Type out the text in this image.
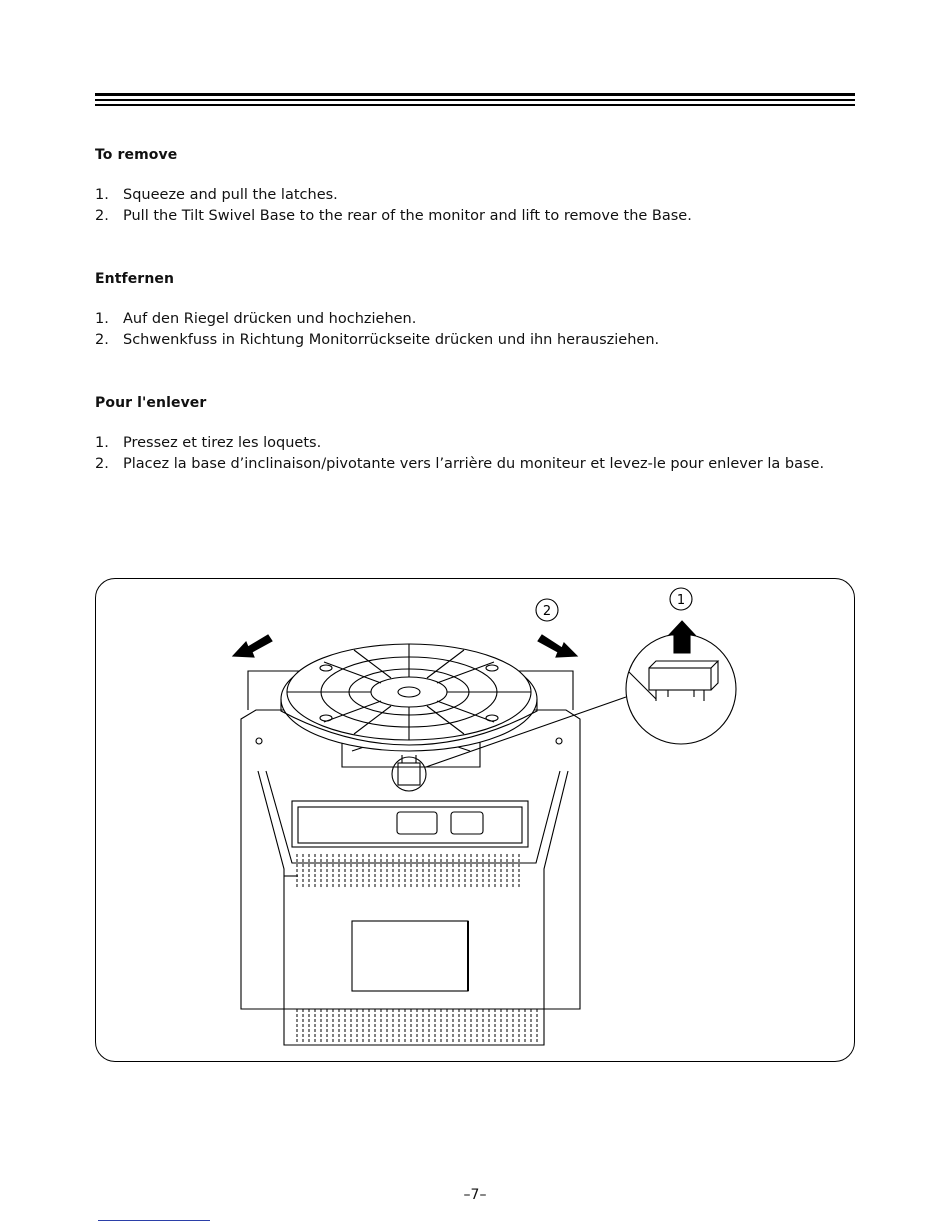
To remove
1. Squeeze and pull the latches.
2. Pull the Tilt Swivel Base to the rear of the monitor and lift to remove the Base.
Entfernen
1. Auf den Riegel drücken und hochziehen.
2. Schwenkfuss in Richtung Monitorrückseite drücken und ihn herausziehen.
Pour l'enlever
1. Pressez et tirez les loquets.
2. Placez la base d’inclinaison/pivotante vers l’arrière du moniteur et levez-le pour enlever la base.
2
1
–7–
